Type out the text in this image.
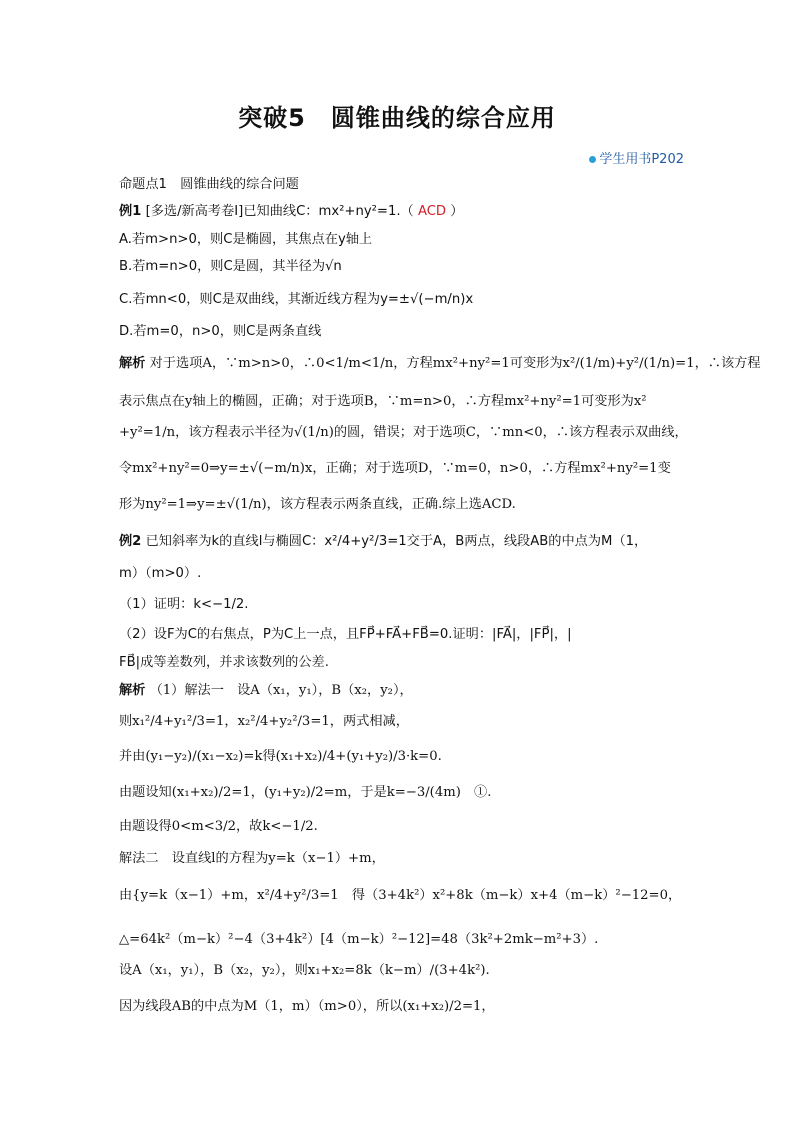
突破5　圆锥曲线的综合应用
学生用书P202
命题点1　圆锥曲线的综合问题
例1 [多选/新高考卷Ⅰ]已知曲线C：mx²+ny²=1.（ ACD ）
A.若m>n>0，则C是椭圆，其焦点在y轴上
B.若m=n>0，则C是圆，其半径为√n
C.若mn<0，则C是双曲线，其渐近线方程为y=±√(−m/n)x
D.若m=0，n>0，则C是两条直线
解析 对于选项A，∵m>n>0，∴0<1/m<1/n，方程mx²+ny²=1可变形为x²/(1/m)+y²/(1/n)=1，∴该方程
表示焦点在y轴上的椭圆，正确；对于选项B，∵m=n>0，∴方程mx²+ny²=1可变形为x²
+y²=1/n，该方程表示半径为√(1/n)的圆，错误；对于选项C，∵mn<0，∴该方程表示双曲线，
令mx²+ny²=0⇒y=±√(−m/n)x，正确；对于选项D，∵m=0，n>0，∴方程mx²+ny²=1变
形为ny²=1⇒y=±√(1/n)，该方程表示两条直线，正确.综上选ACD.
例2 已知斜率为k的直线l与椭圆C：x²/4+y²/3=1交于A，B两点，线段AB的中点为M（1，
m）（m>0）.
（1）证明：k<−1/2.
（2）设F为C的右焦点，P为C上一点，且FP⃗+FA⃗+FB⃗=0.证明：|FA⃗|，|FP⃗|，|
FB⃗|成等差数列，并求该数列的公差.
解析 （1）解法一　设A（x₁，y₁），B（x₂，y₂），
则x₁²/4+y₁²/3=1，x₂²/4+y₂²/3=1，两式相减，
并由(y₁−y₂)/(x₁−x₂)=k得(x₁+x₂)/4+(y₁+y₂)/3·k=0.
由题设知(x₁+x₂)/2=1，(y₁+y₂)/2=m，于是k=−3/(4m)　①.
由题设得0<m<3/2，故k<−1/2.
解法二　设直线l的方程为y=k（x−1）+m，
由{y=k（x−1）+m，x²/4+y²/3=1　得（3+4k²）x²+8k（m−k）x+4（m−k）²−12=0，
△=64k²（m−k）²−4（3+4k²）[4（m−k）²−12]=48（3k²+2mk−m²+3）.
设A（x₁，y₁），B（x₂，y₂），则x₁+x₂=8k（k−m）/(3+4k²).
因为线段AB的中点为M（1，m）（m>0），所以(x₁+x₂)/2=1，
